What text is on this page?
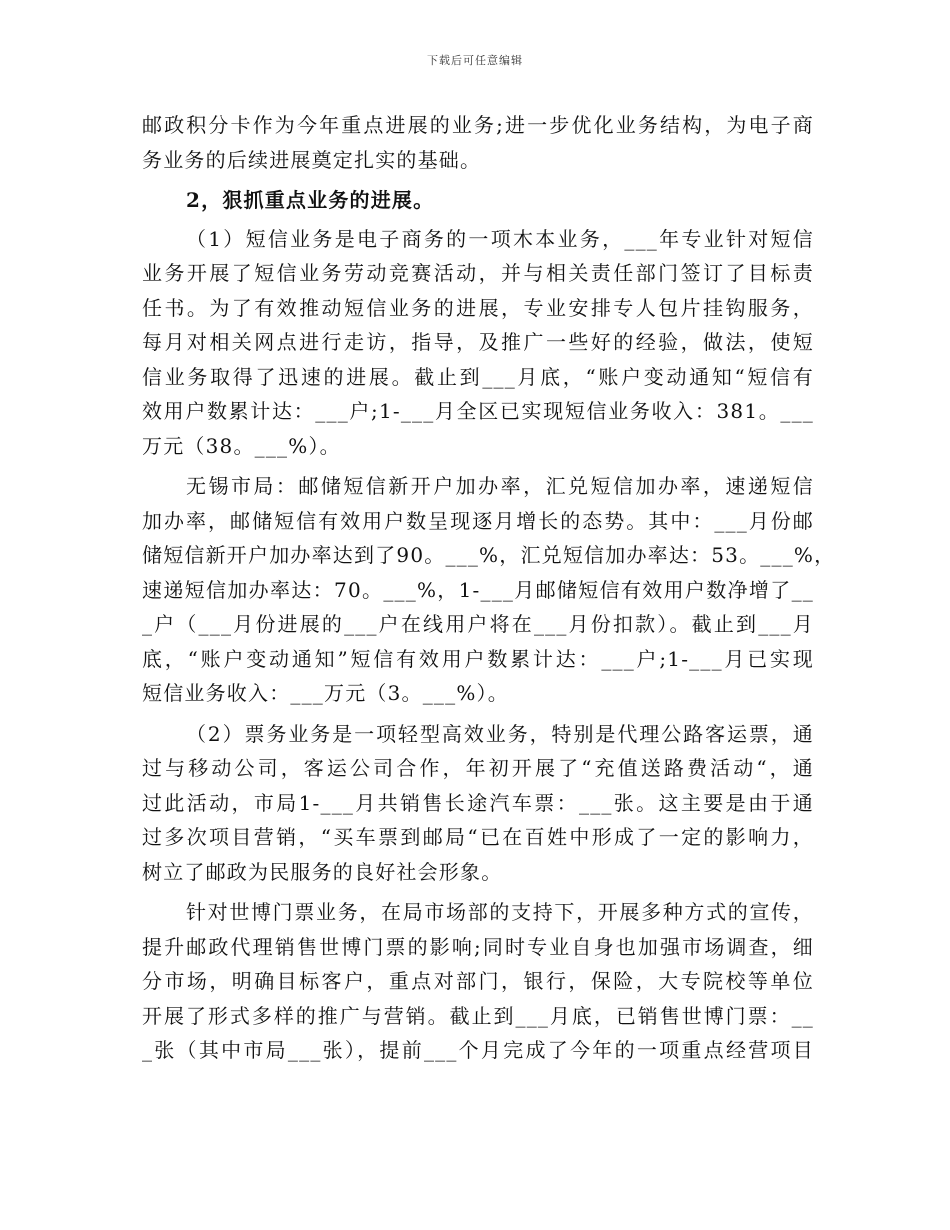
下载后可任意编辑
邮政积分卡作为今年重点进展的业务;进一步优化业务结构，为电子商
务业务的后续进展奠定扎实的基础。
2，狠抓重点业务的进展。
（1）短信业务是电子商务的一项木本业务，___年专业针对短信
业务开展了短信业务劳动竞赛活动，并与相关责任部门签订了目标责
任书。为了有效推动短信业务的进展，专业安排专人包片挂钩服务，
每月对相关网点进行走访，指导，及推广一些好的经验，做法，使短
信业务取得了迅速的进展。截止到___月底，“账户变动通知“短信有
效用户数累计达：___户;1-___月全区已实现短信业务收入：381。___
万元（38。___%）。
无锡市局：邮储短信新开户加办率，汇兑短信加办率，速递短信
加办率，邮储短信有效用户数呈现逐月增长的态势。其中：___月份邮
储短信新开户加办率达到了90。___%，汇兑短信加办率达：53。___%，
速递短信加办率达：70。___%，1-___月邮储短信有效用户数净增了__
_户（___月份进展的___户在线用户将在___月份扣款）。截止到___月
底，“账户变动通知”短信有效用户数累计达：___户;1-___月已实现
短信业务收入：___万元（3。___%）。
（2）票务业务是一项轻型高效业务，特别是代理公路客运票，通
过与移动公司，客运公司合作，年初开展了“充值送路费活动“，通
过此活动，市局1-___月共销售长途汽车票：___张。这主要是由于通
过多次项目营销，“买车票到邮局“已在百姓中形成了一定的影响力，
树立了邮政为民服务的良好社会形象。
针对世博门票业务，在局市场部的支持下，开展多种方式的宣传，
提升邮政代理销售世博门票的影响;同时专业自身也加强市场调查，细
分市场，明确目标客户，重点对部门，银行，保险，大专院校等单位
开展了形式多样的推广与营销。截止到___月底，已销售世博门票：__
_张（其中市局___张），提前___个月完成了今年的一项重点经营项目
